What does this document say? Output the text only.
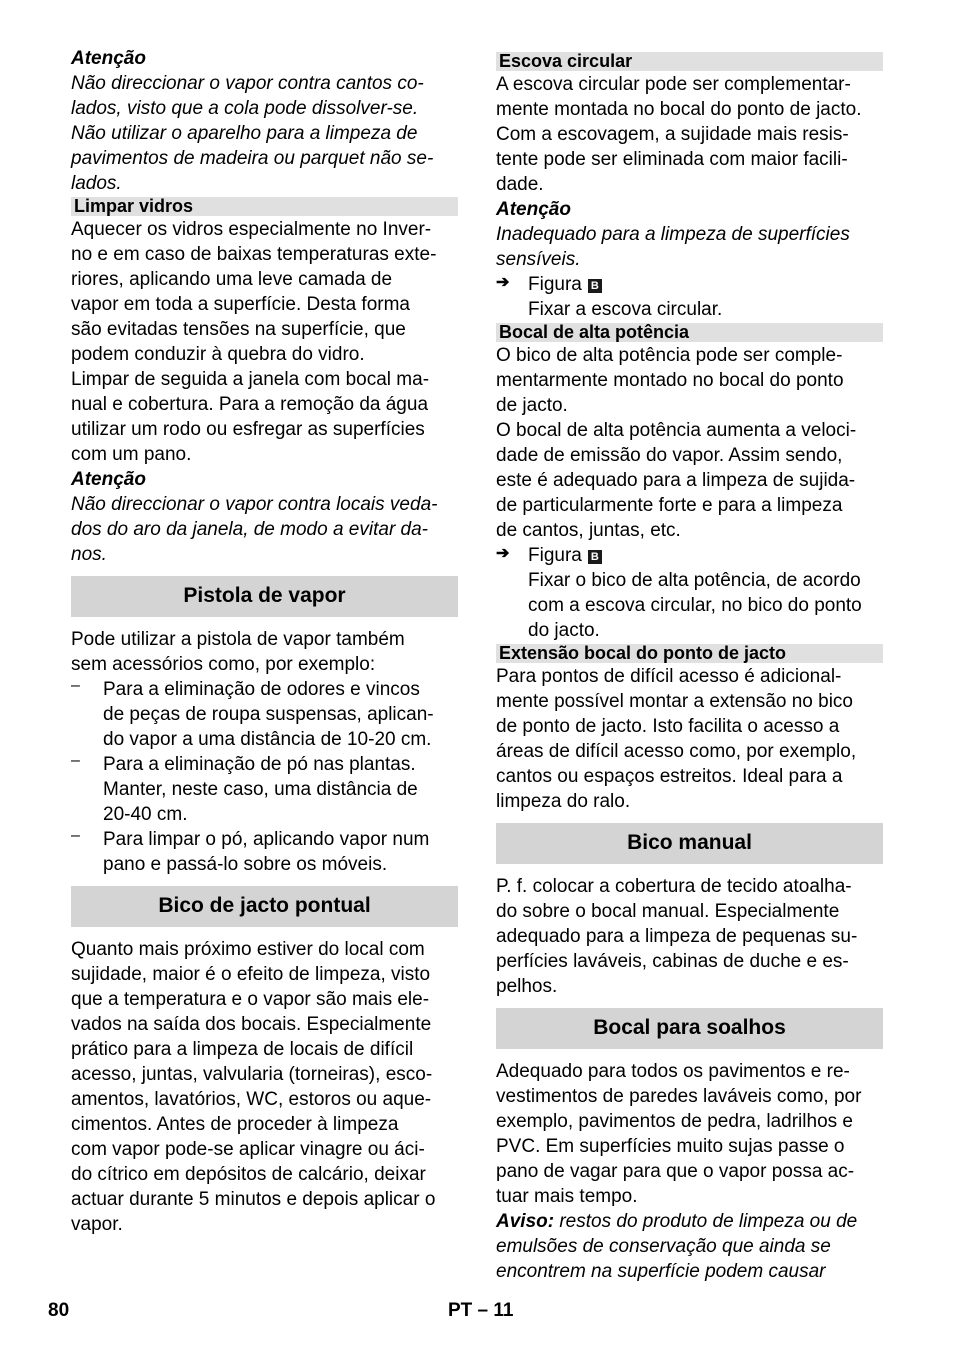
Atenção

Não direccionar o vapor contra cantos co-

lados, visto que a cola pode dissolver-se.

Não utilizar o aparelho para a limpeza de

pavimentos de madeira ou parquet não se-

lados.

Limpar vidros

Aquecer os vidros especialmente no Inver-

no e em caso de baixas temperaturas exte-

riores, aplicando uma leve camada de

vapor em toda a superfície. Desta forma

são evitadas tensões na superfície, que

podem conduzir à quebra do vidro.

Limpar de seguida a janela com bocal ma-

nual e cobertura. Para a remoção da água

utilizar um rodo ou esfregar as superfícies

com um pano.

Atenção

Não direccionar o vapor contra locais veda-

dos do aro da janela, de modo a evitar da-

nos.

Pistola de vapor

Pode utilizar a pistola de vapor também

sem acessórios como, por exemplo:

– Para a eliminação de odores e vincos

de peças de roupa suspensas, aplican-

do vapor a uma distância de 10-20 cm.

– Para a eliminação de pó nas plantas.

Manter, neste caso, uma distância de

20-40 cm.

– Para limpar o pó, aplicando vapor num

pano e passá-lo sobre os móveis.

Bico de jacto pontual

Quanto mais próximo estiver do local com

sujidade, maior é o efeito de limpeza, visto

que a temperatura e o vapor são mais ele-

vados na saída dos bocais. Especialmente

prático para a limpeza de locais de difícil

acesso, juntas, valvularia (torneiras), esco-

amentos, lavatórios, WC, estoros ou aque-

cimentos. Antes de proceder à limpeza

com vapor pode-se aplicar vinagre ou áci-

do cítrico em depósitos de calcário, deixar

actuar durante 5 minutos e depois aplicar o

vapor.

Escova circular

A escova circular pode ser complementar-

mente montada no bocal do ponto de jacto.

Com a escovagem, a sujidade mais resis-

tente pode ser eliminada com maior facili-

dade.

Atenção

Inadequado para a limpeza de superfícies

sensíveis.

➔ Figura B

Fixar a escova circular.

Bocal de alta potência

O bico de alta potência pode ser comple-

mentarmente montado no bocal do ponto

de jacto.

O bocal de alta potência aumenta a veloci-

dade de emissão do vapor. Assim sendo,

este é adequado para a limpeza de sujida-

de particularmente forte e para a limpeza

de cantos, juntas, etc.

➔ Figura B

Fixar o bico de alta potência, de acordo

com a escova circular, no bico do ponto

do jacto.

Extensão bocal do ponto de jacto

Para pontos de difícil acesso é adicional-

mente possível montar a extensão no bico

de ponto de jacto. Isto facilita o acesso a

áreas de difícil acesso como, por exemplo,

cantos ou espaços estreitos. Ideal para a

limpeza do ralo.

Bico manual

P. f. colocar a cobertura de tecido atoalha-

do sobre o bocal manual. Especialmente

adequado para a limpeza de pequenas su-

perfícies laváveis, cabinas de duche e es-

pelhos.

Bocal para soalhos

Adequado para todos os pavimentos e re-

vestimentos de paredes laváveis como, por

exemplo, pavimentos de pedra, ladrilhos e

PVC. Em superfícies muito sujas passe o

pano de vagar para que o vapor possa ac-

tuar mais tempo.

Aviso: restos do produto de limpeza ou de

emulsões de conservação que ainda se

encontrem na superfície podem causar

80	PT – 11
